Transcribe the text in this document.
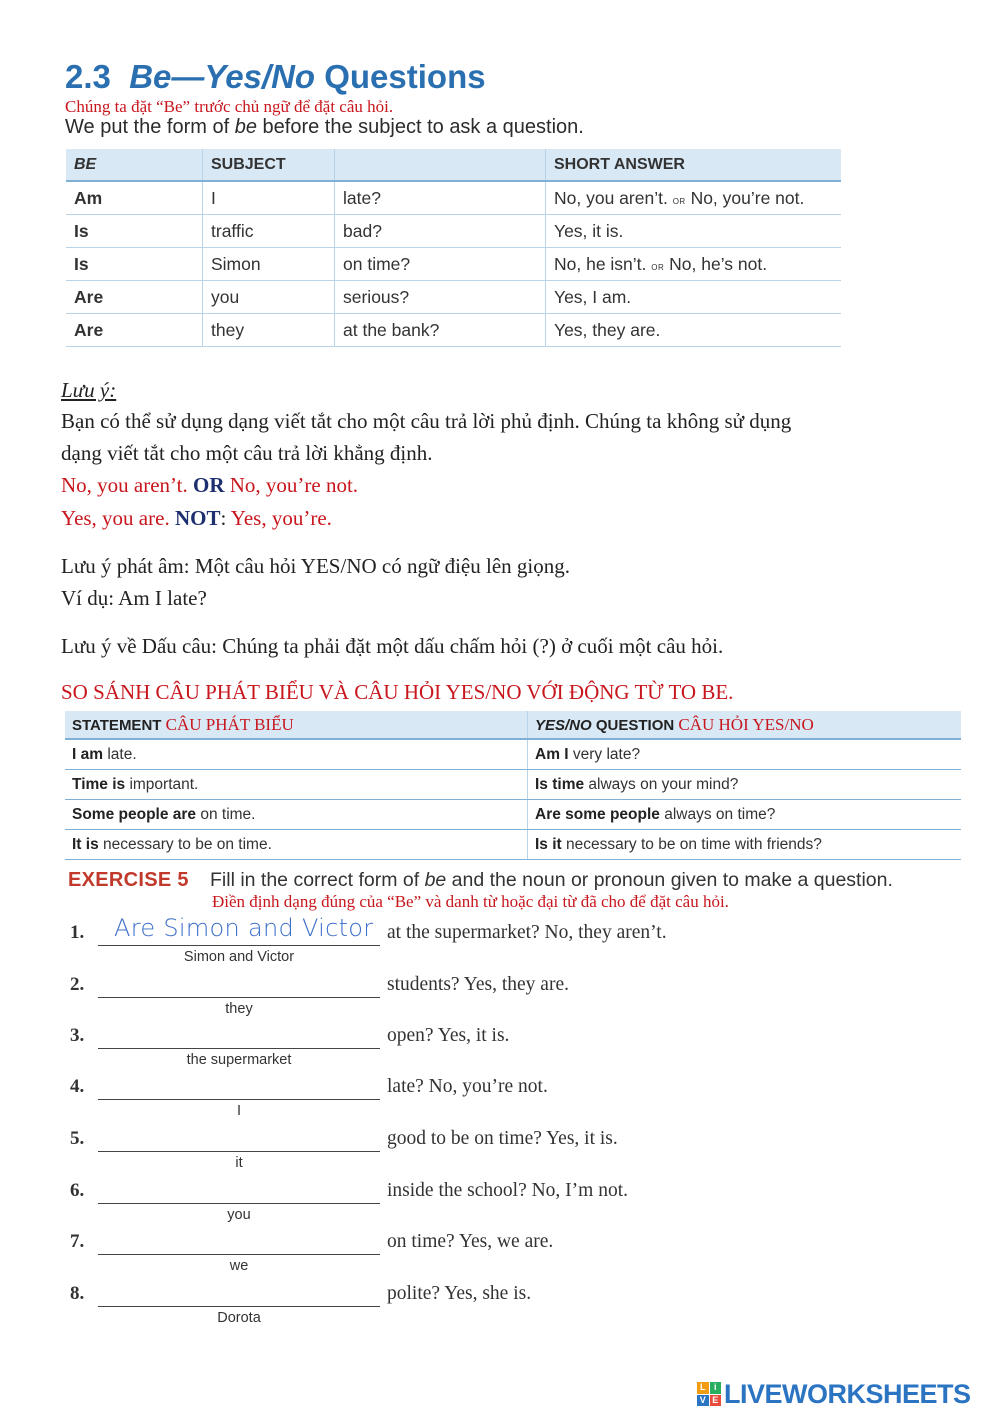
2.3 Be—Yes/No Questions
Chúng ta đặt “Be” trước chủ ngữ để đặt câu hỏi.
We put the form of be before the subject to ask a question.
BE	SUBJECT		SHORT ANSWER
Am	I	late?	No, you aren’t. or No, you’re not.
Is	traffic	bad?	Yes, it is.
Is	Simon	on time?	No, he isn’t. or No, he’s not.
Are	you	serious?	Yes, I am.
Are	they	at the bank?	Yes, they are.
Lưu ý:
Bạn có thể sử dụng dạng viết tắt cho một câu trả lời phủ định. Chúng ta không sử dụng
dạng viết tắt cho một câu trả lời khẳng định.
No, you aren’t. OR No, you’re not.
Yes, you are. NOT: Yes, you’re.
Lưu ý phát âm: Một câu hỏi YES/NO có ngữ điệu lên giọng.
Ví dụ: Am I late?
Lưu ý về Dấu câu: Chúng ta phải đặt một dấu chấm hỏi (?) ở cuối một câu hỏi.
SO SÁNH CÂU PHÁT BIỂU VÀ CÂU HỎI YES/NO VỚI ĐỘNG TỪ TO BE.
STATEMENT CÂU PHÁT BIỂU	YES/NO QUESTION CÂU HỎI YES/NO
I am late.	Am I very late?
Time is important.	Is time always on your mind?
Some people are on time.	Are some people always on time?
It is necessary to be on time.	Is it necessary to be on time with friends?
EXERCISE 5 Fill in the correct form of be and the noun or pronoun given to make a question.
Điền định dạng đúng của “Be” và danh từ hoặc đại từ đã cho để đặt câu hỏi.
1. Are Simon and Victor
Simon and Victor
at the supermarket? No, they aren’t.
2.
they
students? Yes, they are.
3.
the supermarket
open? Yes, it is.
4.
I
late? No, you’re not.
5.
it
good to be on time? Yes, it is.
6.
you
inside the school? No, I’m not.
7.
we
on time? Yes, we are.
8.
Dorota
polite? Yes, she is.
L i
V E LIVEWORKSHEETS
